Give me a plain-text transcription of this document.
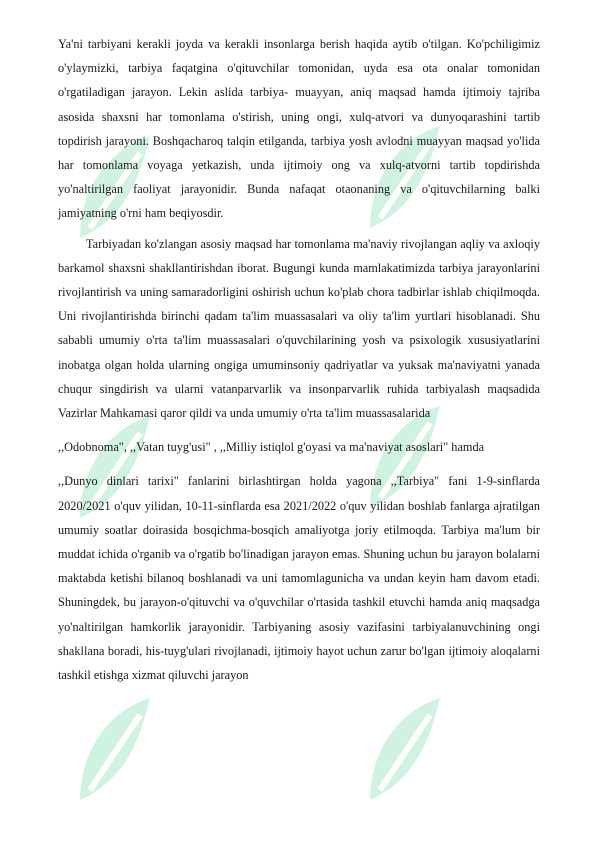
Ya'ni tarbiyani kerakli joyda va kerakli insonlarga berish haqida aytib o'tilgan. Ko'pchiligimiz o'ylaymizki, tarbiya faqatgina o'qituvchilar tomonidan, uyda esa ota onalar tomonidan o'rgatiladigan jarayon. Lekin aslida tarbiya- muayyan, aniq maqsad hamda ijtimoiy tajriba asosida shaxsni har tomonlama o'stirish, uning ongi, xulq-atvori va dunyoqarashini tartib topdirish jarayoni. Boshqacharoq talqin etilganda, tarbiya yosh avlodni muayyan maqsad yo'lida har tomonlama voyaga yetkazish, unda ijtimoiy ong va xulq-atvorni tartib topdirishda yo'naltirilgan faoliyat jarayonidir. Bunda nafaqat otaonaning va o'qituvchilarning balki jamiyatning o'rni ham beqiyosdir.

Tarbiyadan ko'zlangan asosiy maqsad har tomonlama ma'naviy rivojlangan aqliy va axloqiy barkamol shaxsni shakllantirishdan iborat. Bugungi kunda mamlakatimizda tarbiya jarayonlarini rivojlantirish va uning samaradorligini oshirish uchun ko'plab chora tadbirlar ishlab chiqilmoqda. Uni rivojlantirishda birinchi qadam ta'lim muassasalari va oliy ta'lim yurtlari hisoblanadi. Shu sababli umumiy o'rta ta'lim muassasalari o'quvchilarining yosh va psixologik xususiyatlarini inobatga olgan holda ularning ongiga umuminsoniy qadriyatlar va yuksak ma'naviyatni yanada chuqur singdirish va ularni vatanparvarlik va insonparvarlik ruhida tarbiyalash maqsadida Vazirlar Mahkamasi qaror qildi va unda umumiy o'rta ta'lim muassasalarida

,,Odobnoma", ,,Vatan tuyg'usi" , ,,Milliy istiqlol g'oyasi va ma'naviyat asoslari" hamda

,,Dunyo dinlari tarixi" fanlarini birlashtirgan holda yagona ,,Tarbiya" fani 1-9-sinflarda 2020/2021 o'quv yilidan, 10-11-sinflarda esa 2021/2022 o'quv yilidan boshlab fanlarga ajratilgan umumiy soatlar doirasida bosqichma-bosqich amaliyotga joriy etilmoqda. Tarbiya ma'lum bir muddat ichida o'rganib va o'rgatib bo'linadigan jarayon emas. Shuning uchun bu jarayon bolalarni maktabda ketishi bilanoq boshlanadi va uni tamomlagunicha va undan keyin ham davom etadi. Shuningdek, bu jarayon-o'qituvchi va o'quvchilar o'rtasida tashkil etuvchi hamda aniq maqsadga yo'naltirilgan hamkorlik jarayonidir. Tarbiyaning asosiy vazifasini tarbiyalanuvchining ongi shakllana boradi, his-tuyg'ulari rivojlanadi, ijtimoiy hayot uchun zarur bo'lgan ijtimoiy aloqalarni tashkil etishga xizmat qiluvchi jarayon
